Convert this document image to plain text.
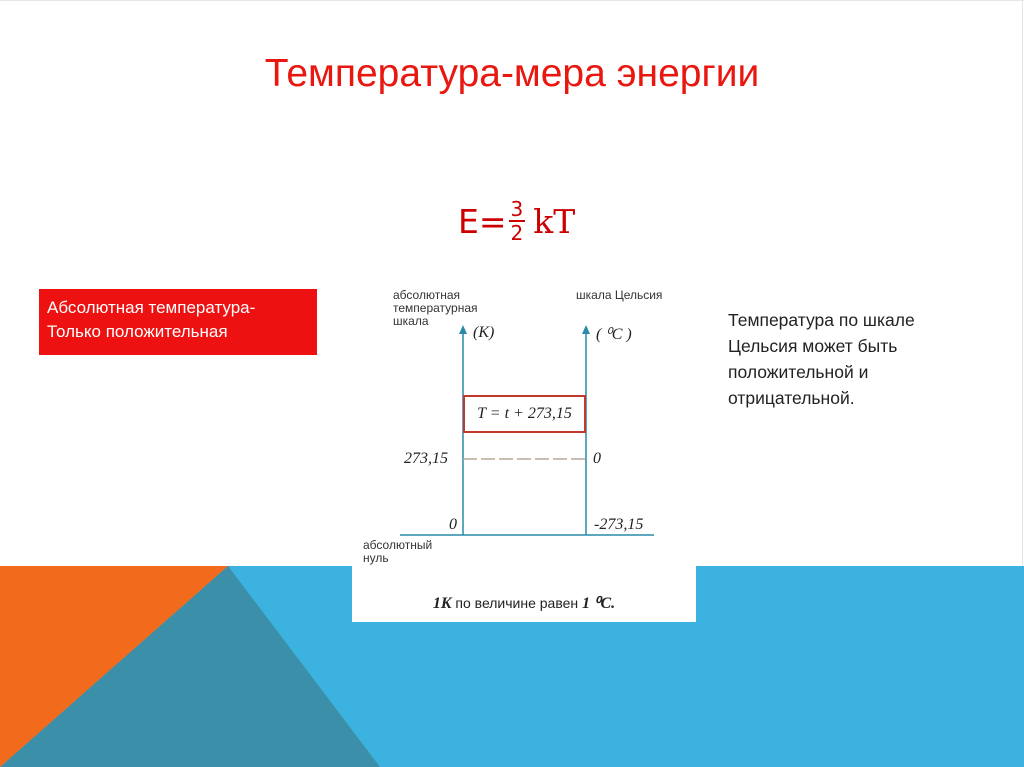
Температура-мера энергии
$E= \frac{3}{2}$ kT
Абсолютная температура-
Только положительная
Температура по шкале
Цельсия может быть
положительной и
отрицательной.
абсолютная
температурная
шкала
шкала Цельсия
(K)	( ⁰C )
T = t + 273,15
273,15	0
0	-273,15
абсолютный
нуль
1K по величине равен 1 ⁰C.
